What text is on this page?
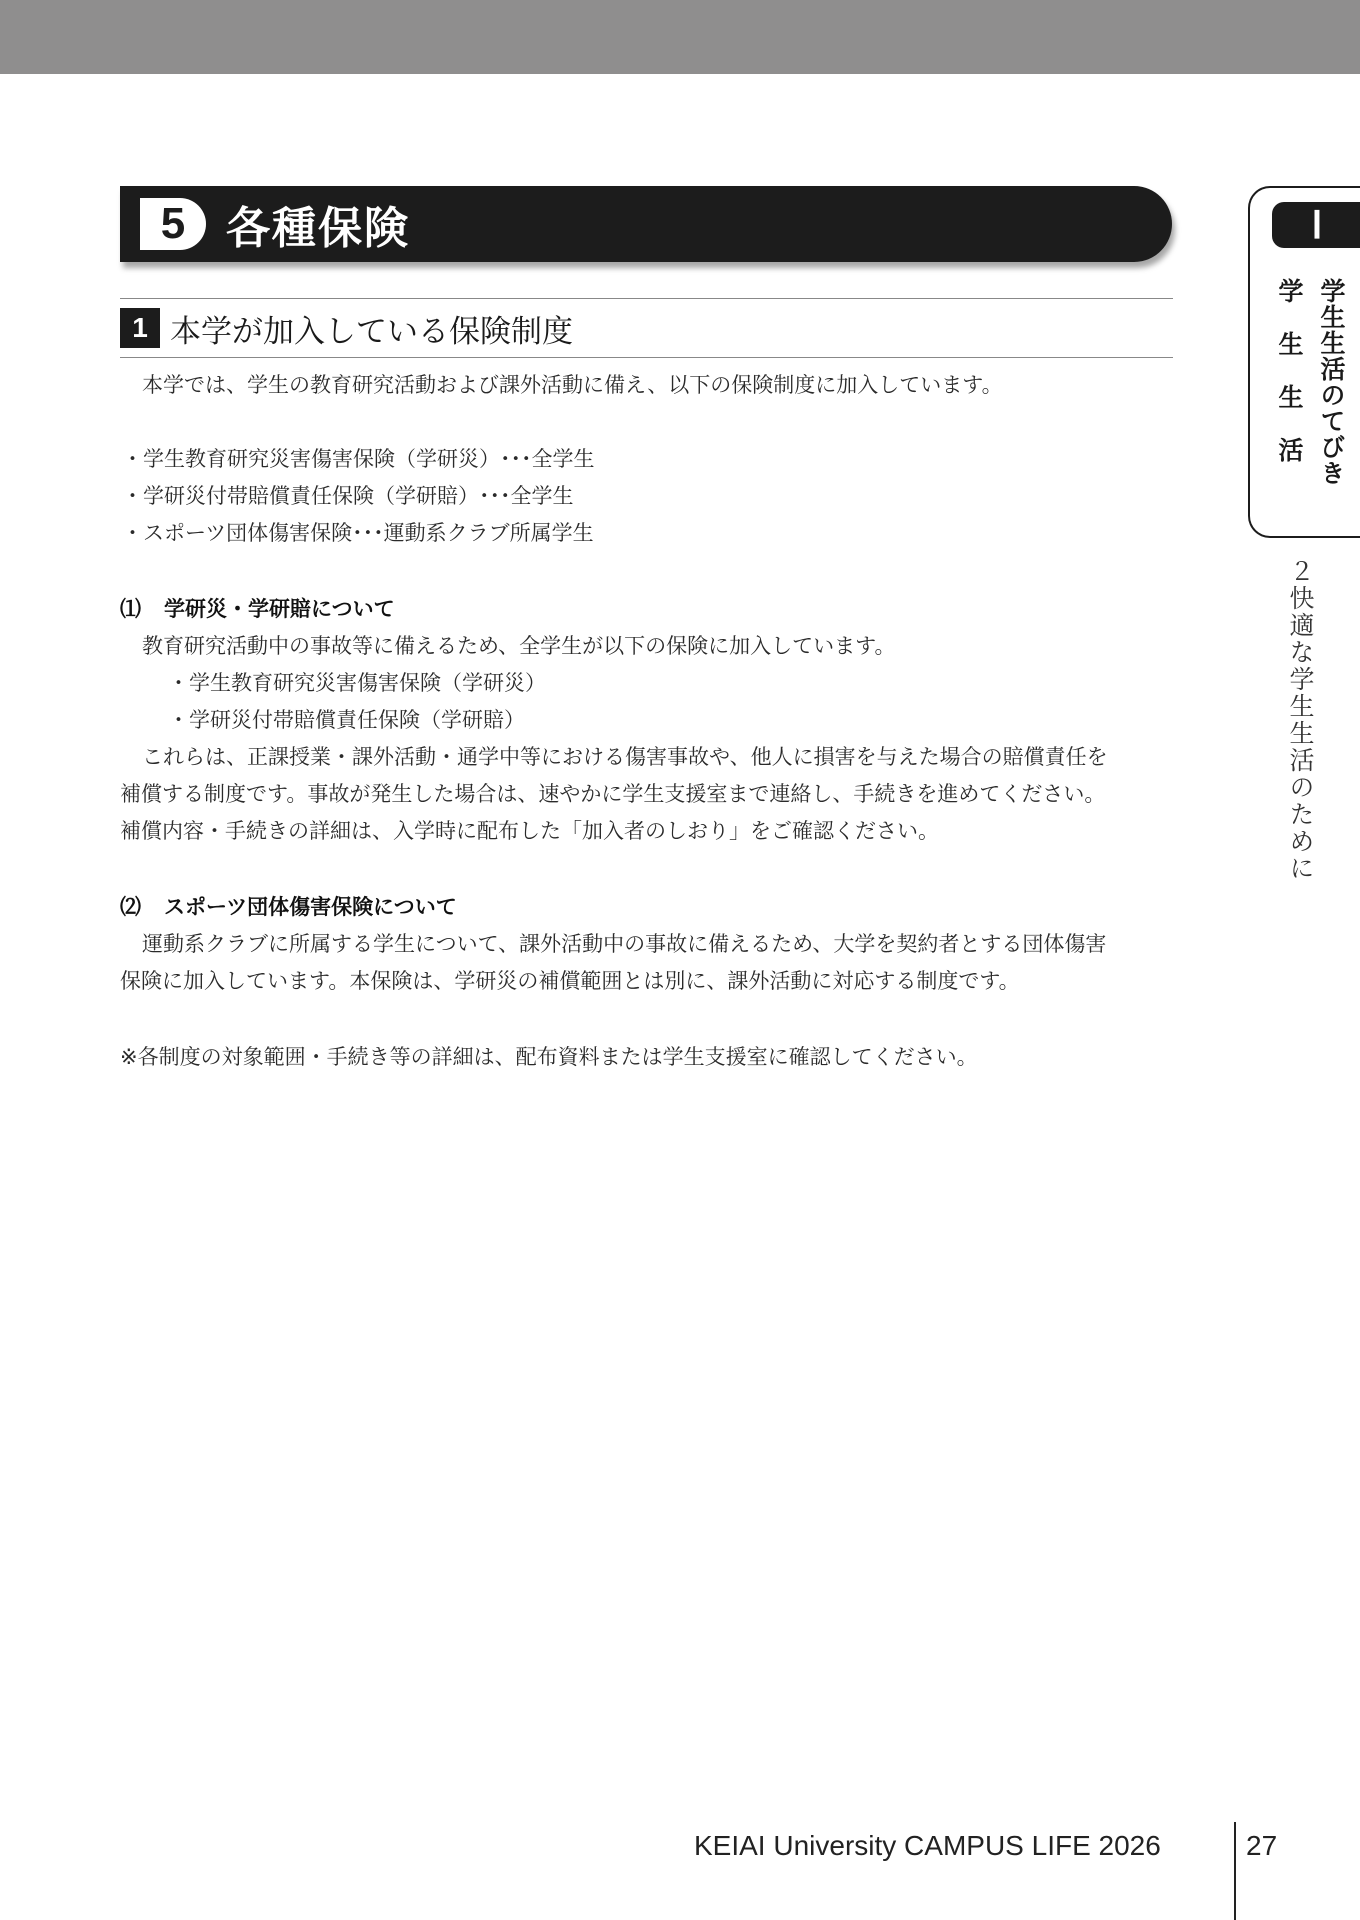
5 各種保険
1 本学が加入している保険制度
本学では、学生の教育研究活動および課外活動に備え、以下の保険制度に加入しています。
・学生教育研究災害傷害保険（学研災）･･･全学生
・学研災付帯賠償責任保険（学研賠）･･･全学生
・スポーツ団体傷害保険･･･運動系クラブ所属学生
⑴ 学研災・学研賠について
教育研究活動中の事故等に備えるため、全学生が以下の保険に加入しています。
・学生教育研究災害傷害保険（学研災）
・学研災付帯賠償責任保険（学研賠）
これらは、正課授業・課外活動・通学中等における傷害事故や、他人に損害を与えた場合の賠償責任を
補償する制度です。事故が発生した場合は、速やかに学生支援室まで連絡し、手続きを進めてください。
補償内容・手続きの詳細は、入学時に配布した「加入者のしおり」をご確認ください。
⑵ スポーツ団体傷害保険について
運動系クラブに所属する学生について、課外活動中の事故に備えるため、大学を契約者とする団体傷害
保険に加入しています。本保険は、学研災の補償範囲とは別に、課外活動に対応する制度です。
※各制度の対象範囲・手続き等の詳細は、配布資料または学生支援室に確認してください。
Ⅰ
学生生活 学生生活のてびき
２快適な学生生活のために
KEIAI University CAMPUS LIFE 2026	27
